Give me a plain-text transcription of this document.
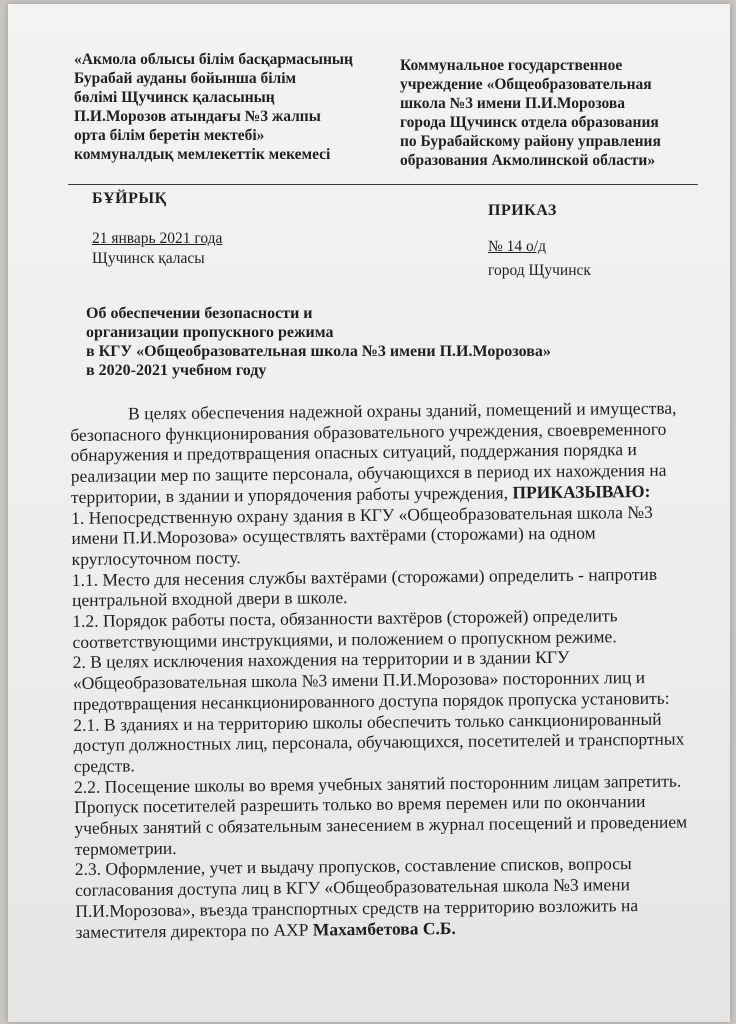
«Акмола облысы білім басқармасының
Бурабай ауданы бойынша білім
бөлімі Щучинск қаласының
П.И.Морозов атындағы №3 жалпы
орта білім беретін мектебі»
коммуналдық мемлекеттік мекемесі
Коммунальное государственное
учреждение «Общеобразовательная
школа №3 имени П.И.Морозова
города Щучинск отдела образования
по Бурабайскому району управления
образования Акмолинской области»
БҰЙРЫҚ
ПРИКАЗ
21 январь 2021 года
Щучинск қаласы
№ 14 о/д
город Щучинск
Об обеспечении безопасности и
организации пропускного режима
в КГУ «Общеобразовательная школа №3 имени П.И.Морозова»
в 2020-2021 учебном году

В целях обеспечения надежной охраны зданий, помещений и имущества,

безопасного функционирования образовательного учреждения, своевременного

обнаружения и предотвращения опасных ситуаций, поддержания порядка и

реализации мер по защите персонала, обучающихся в период их нахождения на

территории, в здании и упорядочения работы учреждения, ПРИКАЗЫВАЮ:

1. Непосредственную охрану здания в КГУ «Общеобразовательная школа №3

имени П.И.Морозова» осуществлять вахтёрами (сторожами) на одном

круглосуточном посту.

1.1. Место для несения службы вахтёрами (сторожами) определить - напротив

центральной входной двери в школе.

1.2. Порядок работы поста, обязанности вахтёров (сторожей) определить

соответствующими инструкциями, и положением о пропускном режиме.

2. В целях исключения нахождения на территории и в здании КГУ

«Общеобразовательная школа №3 имени П.И.Морозова» посторонних лиц и

предотвращения несанкционированного доступа порядок пропуска установить:

2.1. В зданиях и на территорию школы обеспечить только санкционированный

доступ должностных лиц, персонала, обучающихся, посетителей и транспортных

средств.

2.2. Посещение школы во время учебных занятий посторонним лицам запретить.

Пропуск посетителей разрешить только во время перемен или по окончании

учебных занятий с обязательным занесением в журнал посещений и проведением

термометрии.

2.3. Оформление, учет и выдачу пропусков, составление списков, вопросы

согласования доступа лиц в КГУ «Общеобразовательная школа №3 имени

П.И.Морозова», въезда транспортных средств на территорию возложить на

заместителя директора по АХР Махамбетова С.Б.
